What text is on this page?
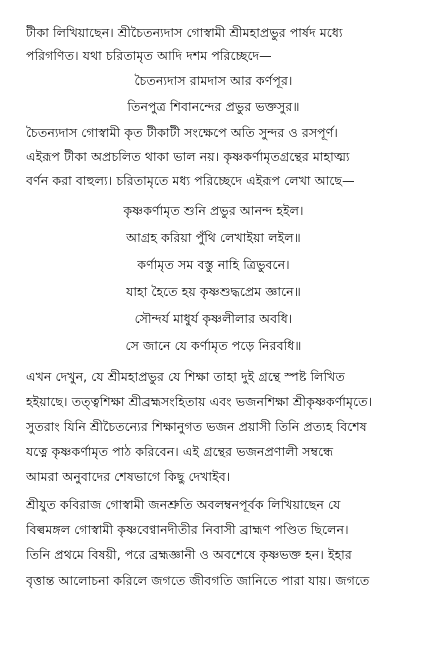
টীকা লিখিয়াছেন। শ্রীচৈতন্যদাস গোস্বামী শ্রীমহাপ্রভুর পার্ষদ মধ্যে
পরিগণিত। যথা চরিতামৃত আদি দশম পরিচ্ছেদে—
চৈতন্যদাস রামদাস আর কর্ণপূর।
তিনপুত্র শিবানন্দের প্রভুর ভক্তসুর॥
চৈতন্যদাস গোস্বামী কৃত টীকাটী সংক্ষেপে অতি সুন্দর ও রসপূর্ণ।
এইরূপ টীকা অপ্রচলিত থাকা ভাল নয়। কৃষ্ণকর্ণামৃতগ্রন্থের মাহাত্ম্য
বর্ণন করা বাহুল্য। চরিতামৃতে মধ্য পরিচ্ছেদে এইরূপ লেখা আছে—
কৃষ্ণকর্ণামৃত শুনি প্রভুর আনন্দ হইল।
আগ্রহ করিয়া পুঁথি লেখাইয়া লইল॥
কর্ণামৃত সম বস্তু নাহি ত্রিভুবনে।
যাহা হৈতে হয় কৃষ্ণশুদ্ধপ্রেম জ্ঞানে॥
সৌন্দর্য মাধুর্য কৃষ্ণলীলার অবধি।
সে জানে যে কর্ণামৃত পড়ে নিরবধি॥
এখন দেখুন, যে শ্রীমহাপ্রভুর যে শিক্ষা তাহা দুই গ্রন্থে স্পষ্ট লিখিত
হইয়াছে। তত্ত্বশিক্ষা শ্রীব্রহ্মসংহিতায় এবং ভজনশিক্ষা শ্রীকৃষ্ণকর্ণামৃতে।
সুতরাং যিনি শ্রীচৈতন্যের শিক্ষানুগত ভজন প্রয়াসী তিনি প্রত্যহ বিশেষ
যত্নে কৃষ্ণকর্ণামৃত পাঠ করিবেন। এই গ্রন্থের ভজনপ্রণালী সম্বন্ধে
আমরা অনুবাদের শেষভাগে কিছু দেখাইব।
শ্রীযুত কবিরাজ গোস্বামী জনশ্রুতি অবলম্বনপূর্বক লিখিয়াছেন যে
বিল্বমঙ্গল গোস্বামী কৃষ্ণবেণ্বানদীতীর নিবাসী ব্রাহ্মণ পণ্ডিত ছিলেন।
তিনি প্রথমে বিষয়ী, পরে ব্রহ্মজ্ঞানী ও অবশেষে কৃষ্ণভক্ত হন। ইহার
বৃত্তান্ত আলোচনা করিলে জগতে জীবগতি জানিতে পারা যায়। জগতে
